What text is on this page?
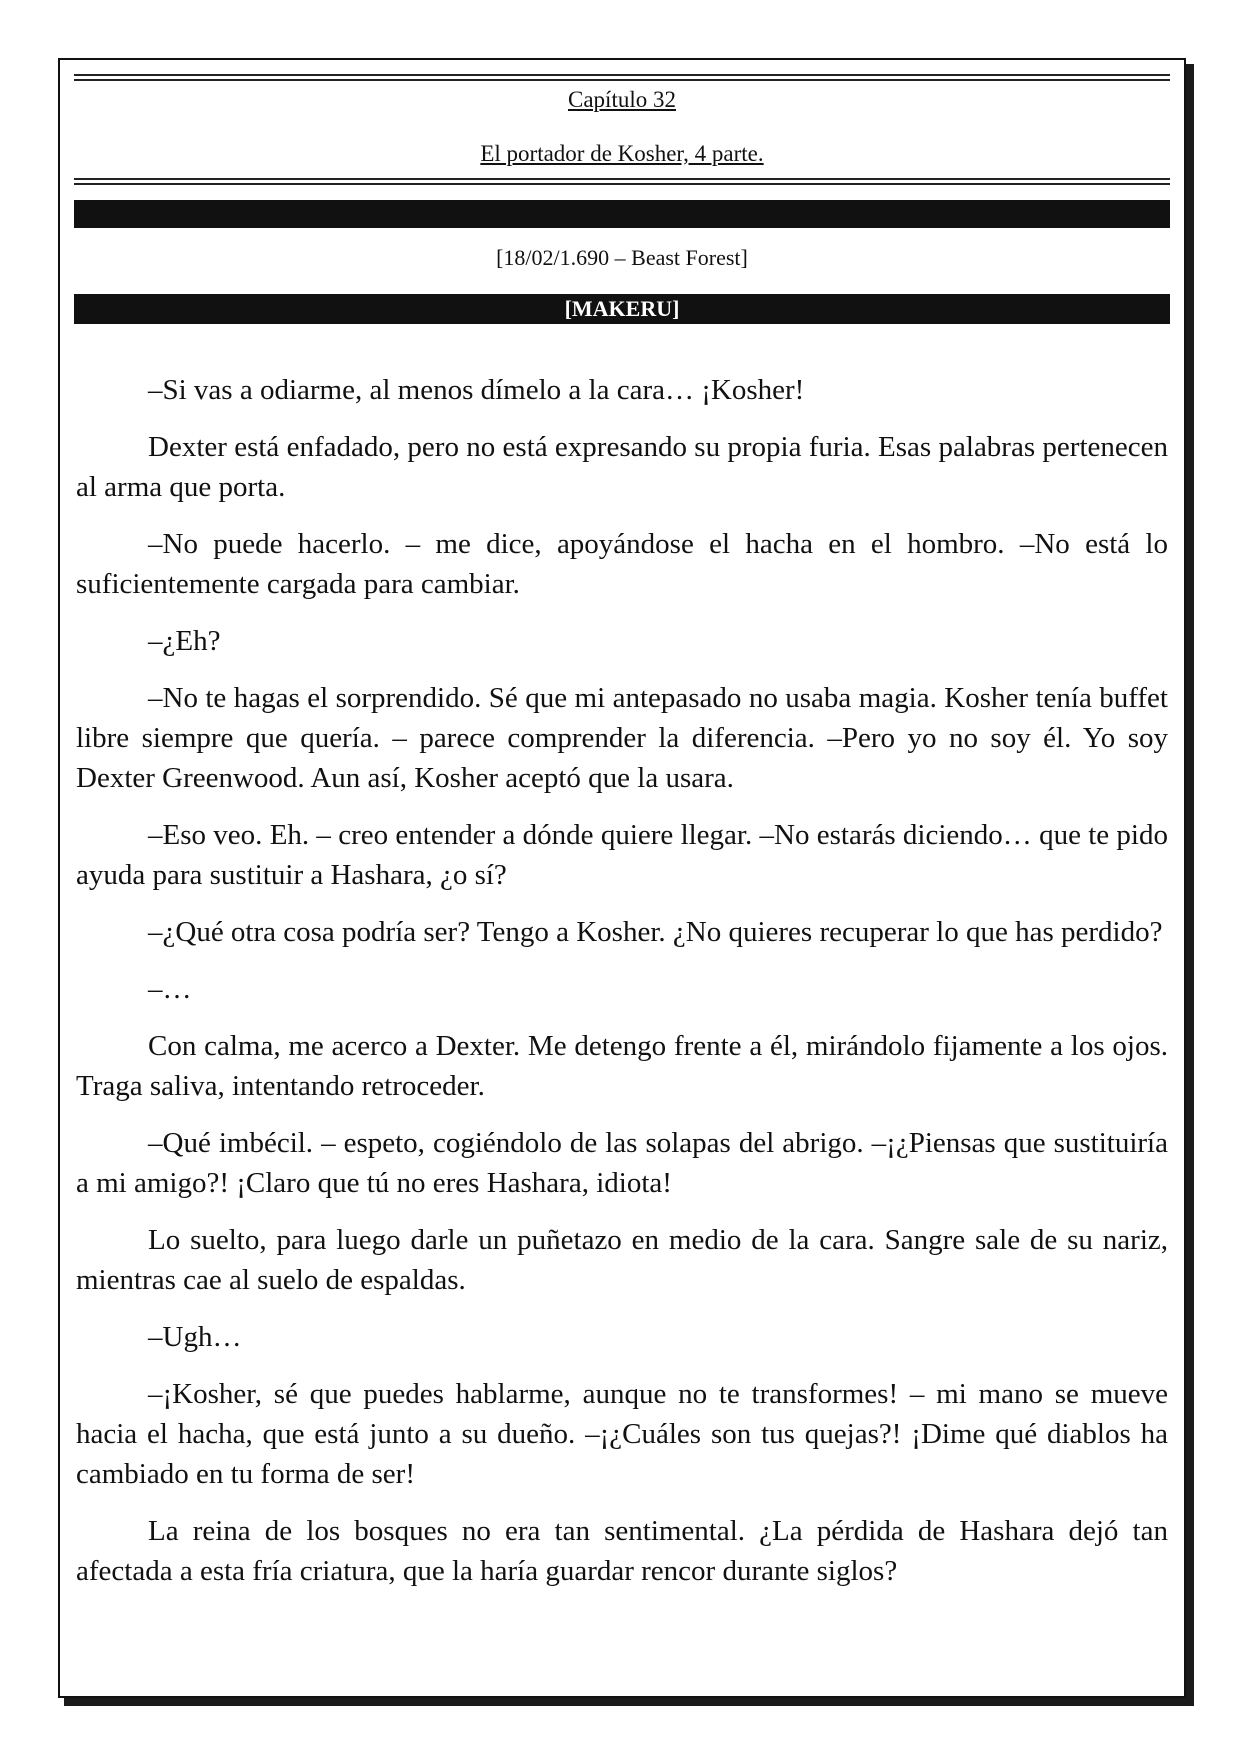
Capítulo 32
El portador de Kosher, 4 parte.
[18/02/1.690 – Beast Forest]
[MAKERU]

–Si vas a odiarme, al menos dímelo a la cara… ¡Kosher!

Dexter está enfadado, pero no está expresando su propia furia. Esas palabras pertenecen al arma que porta.

–No puede hacerlo. – me dice, apoyándose el hacha en el hombro. –No está lo suficientemente cargada para cambiar.

–¿Eh?

–No te hagas el sorprendido. Sé que mi antepasado no usaba magia. Kosher tenía buffet libre siempre que quería. – parece comprender la diferencia. –Pero yo no soy él. Yo soy Dexter Greenwood. Aun así, Kosher aceptó que la usara.

–Eso veo. Eh. – creo entender a dónde quiere llegar. –No estarás diciendo… que te pido ayuda para sustituir a Hashara, ¿o sí?

–¿Qué otra cosa podría ser? Tengo a Kosher. ¿No quieres recuperar lo que has perdido?

–…

Con calma, me acerco a Dexter. Me detengo frente a él, mirándolo fijamente a los ojos. Traga saliva, intentando retroceder.

–Qué imbécil. – espeto, cogiéndolo de las solapas del abrigo. –¡¿Piensas que sustituiría a mi amigo?! ¡Claro que tú no eres Hashara, idiota!

Lo suelto, para luego darle un puñetazo en medio de la cara. Sangre sale de su nariz, mientras cae al suelo de espaldas.

–Ugh…

–¡Kosher, sé que puedes hablarme, aunque no te transformes! – mi mano se mueve hacia el hacha, que está junto a su dueño. –¡¿Cuáles son tus quejas?! ¡Dime qué diablos ha cambiado en tu forma de ser!

La reina de los bosques no era tan sentimental. ¿La pérdida de Hashara dejó tan afectada a esta fría criatura, que la haría guardar rencor durante siglos?
